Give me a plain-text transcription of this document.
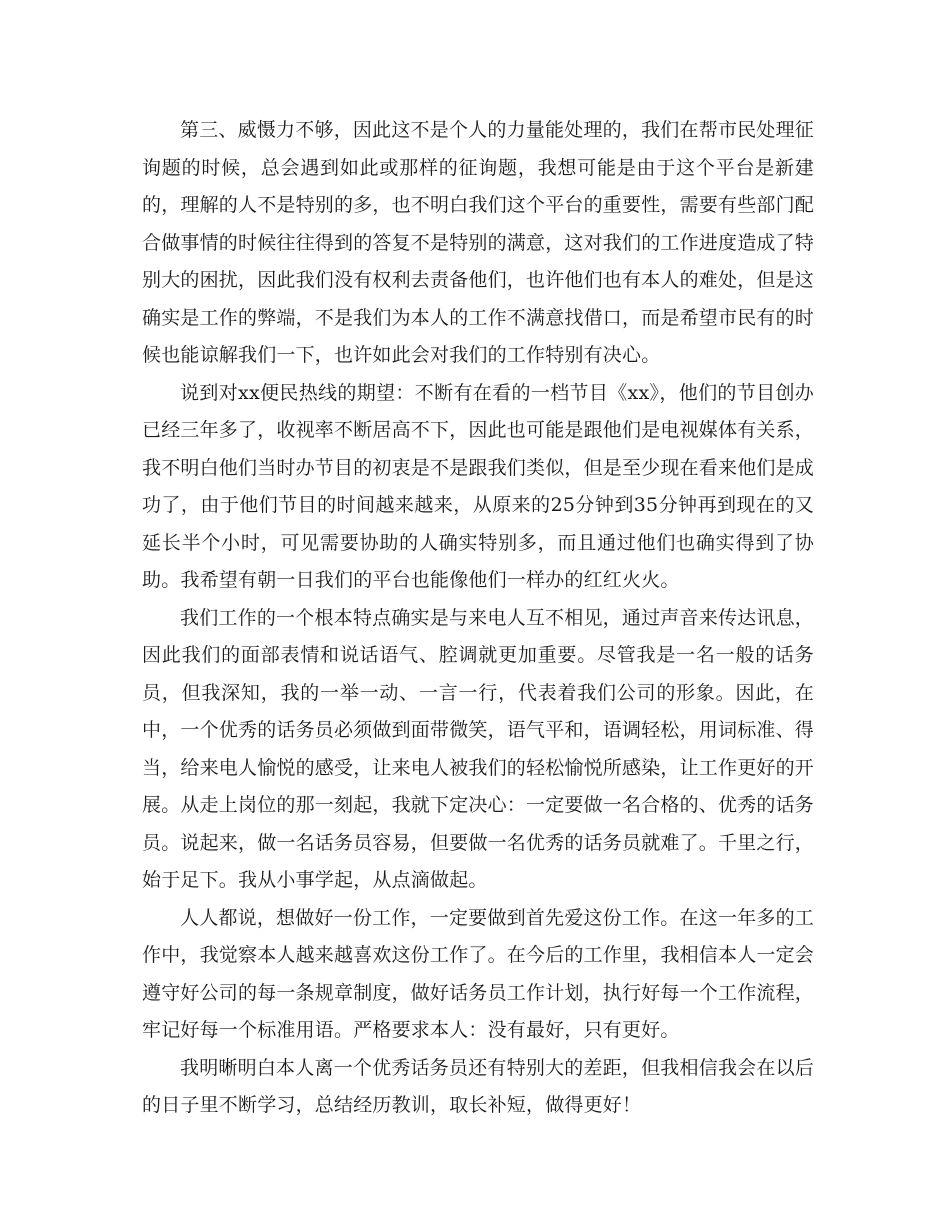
第三、威慑力不够，因此这不是个人的力量能处理的，我们在帮市民处理征询题的时候，总会遇到如此或那样的征询题，我想可能是由于这个平台是新建的，理解的人不是特别的多，也不明白我们这个平台的重要性，需要有些部门配合做事情的时候往往得到的答复不是特别的满意，这对我们的工作进度造成了特别大的困扰，因此我们没有权利去责备他们，也许他们也有本人的难处，但是这确实是工作的弊端，不是我们为本人的工作不满意找借口，而是希望市民有的时候也能谅解我们一下，也许如此会对我们的工作特别有决心。

说到对xx便民热线的期望：不断有在看的一档节目《xx》，他们的节目创办已经三年多了，收视率不断居高不下，因此也可能是跟他们是电视媒体有关系，我不明白他们当时办节目的初衷是不是跟我们类似，但是至少现在看来他们是成功了，由于他们节目的时间越来越来，从原来的25分钟到35分钟再到现在的又延长半个小时，可见需要协助的人确实特别多，而且通过他们也确实得到了协助。我希望有朝一日我们的平台也能像他们一样办的红红火火。

我们工作的一个根本特点确实是与来电人互不相见，通过声音来传达讯息，因此我们的面部表情和说话语气、腔调就更加重要。尽管我是一名一般的话务员，但我深知，我的一举一动、一言一行，代表着我们公司的形象。因此，在中，一个优秀的话务员必须做到面带微笑，语气平和，语调轻松，用词标准、得当，给来电人愉悦的感受，让来电人被我们的轻松愉悦所感染，让工作更好的开展。从走上岗位的那一刻起，我就下定决心：一定要做一名合格的、优秀的话务员。说起来，做一名话务员容易，但要做一名优秀的话务员就难了。千里之行，始于足下。我从小事学起，从点滴做起。

人人都说，想做好一份工作，一定要做到首先爱这份工作。在这一年多的工作中，我觉察本人越来越喜欢这份工作了。在今后的工作里，我相信本人一定会遵守好公司的每一条规章制度，做好话务员工作计划，执行好每一个工作流程，牢记好每一个标准用语。严格要求本人：没有最好，只有更好。

我明晰明白本人离一个优秀话务员还有特别大的差距，但我相信我会在以后的日子里不断学习，总结经历教训，取长补短，做得更好！
